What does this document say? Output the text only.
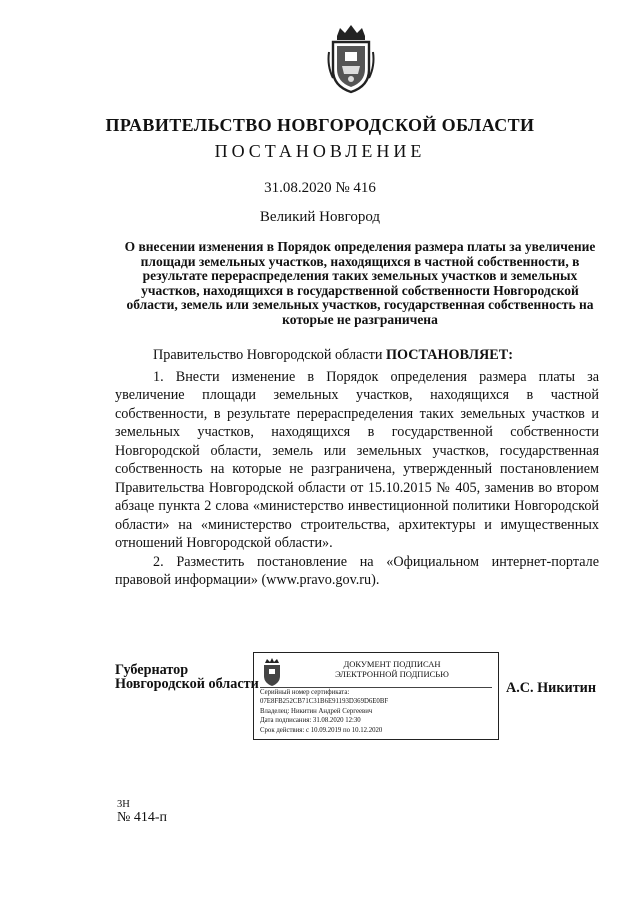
ПРАВИТЕЛЬСТВО НОВГОРОДСКОЙ ОБЛАСТИ
ПОСТАНОВЛЕНИЕ
31.08.2020 № 416
Великий Новгород
О внесении изменения в Порядок определения размера платы за увеличение площади земельных участков, находящихся в частной собственности, в результате перераспределения таких земельных участков и земельных участков, находящихся в государственной собственности Новгородской области, земель или земельных участков, государственная собственность на которые не разграничена

Правительство Новгородской области ПОСТАНОВЛЯЕТ:

1. Внести изменение в Порядок определения размера платы за увеличение площади земельных участков, находящихся в частной собственности, в результате перераспределения таких земельных участков и земельных участков, находящихся в государственной собственности Новгородской области, земель или земельных участков, государственная собственность на которые не разграничена, утвержденный постановлением Правительства Новгородской области от 15.10.2015 № 405, заменив во втором абзаце пункта 2 слова «министерство инвестиционной политики Новгородской области» на «министерство строительства, архитектуры и имущественных отношений Новгородской области».

2. Разместить постановление на «Официальном интернет-портале правовой информации» (www.pravo.gov.ru).

Губернатор
Новгородской области
ДОКУМЕНТ ПОДПИСАН
ЭЛЕКТРОННОЙ ПОДПИСЬЮ
Серийный номер сертификата:
07E8FB252CB71C31B6E91193D369D6E0BF
Владелец: Никитин Андрей Сергеевич
Дата подписания: 31.08.2020 12:30
Срок действия: с 10.09.2019 по 10.12.2020
А.С. Никитин
3Н
№ 414-п
